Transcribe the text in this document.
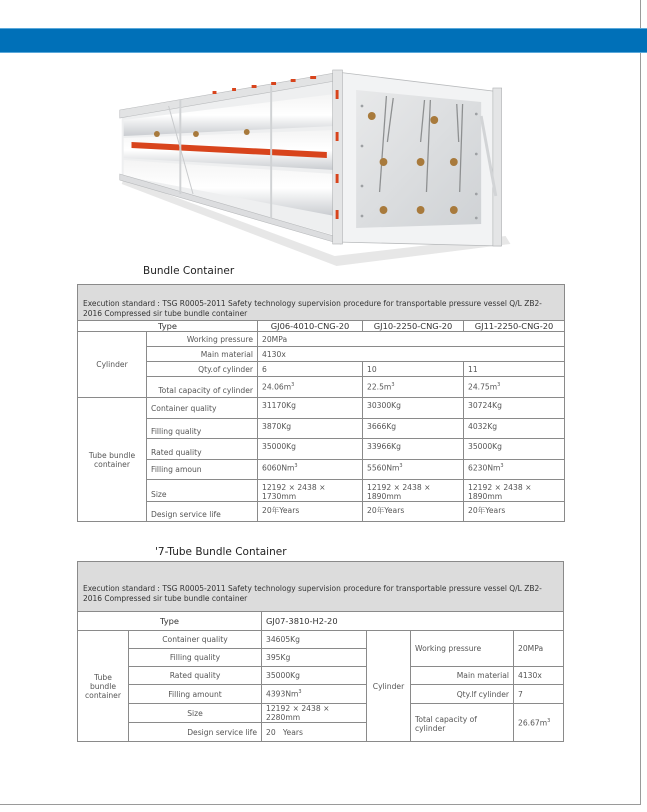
Bundle Container
Execution standard : TSG R0005-2011 Safety technology supervision procedure for transportable pressure vessel Q/L ZB2-2016 Compressed sir tube bundle container				
Type		GJ06-4010-CNG-20	GJ10-2250-CNG-20	GJ11-2250-CNG-20
Cylinder	Working pressure	20MPa		
	Main material	4130x		
	Qty.of cylinder	6	10	11
	Total capacity of cylinder	$24.06m^3$	$22.5m^3$	$24.75m^3$
Tube bundle container	Container quality	31170Kg	30300Kg	30724Kg
	Filling quality	3870Kg	3666Kg	4032Kg
	Rated quality	35000Kg	33966Kg	35000Kg
	Filling amoun	6060Nm$^3$	5560Nm$^3$	6230Nm$^3$
	Size	12192 × 2438 × 1730mm	12192 × 2438 × 1890mm	12192 × 2438 × 1890mm
	Design service life	20年Years	20年Years	20年Years
'7-Tube Bundle Container
Execution standard : TSG R0005-2011 Safety technology supervision procedure for transportable pressure vessel Q/L ZB2-2016 Compressed sir tube bundle container					
Type		GJ07-3810-H2-20			
Tube bundle container	Container quality	34605Kg	Cylinder	Working pressure	20MPa
	Filling quality	395Kg			
	Rated quality	35000Kg		Main material	4130x
	Filling amount	4393Nm$^3$		Qty.lf cylinder	7
	Size	12192 × 2438 × 2280mm		Total capacity of cylinder	$26.67m^3$
	Design service life	20   Years			
